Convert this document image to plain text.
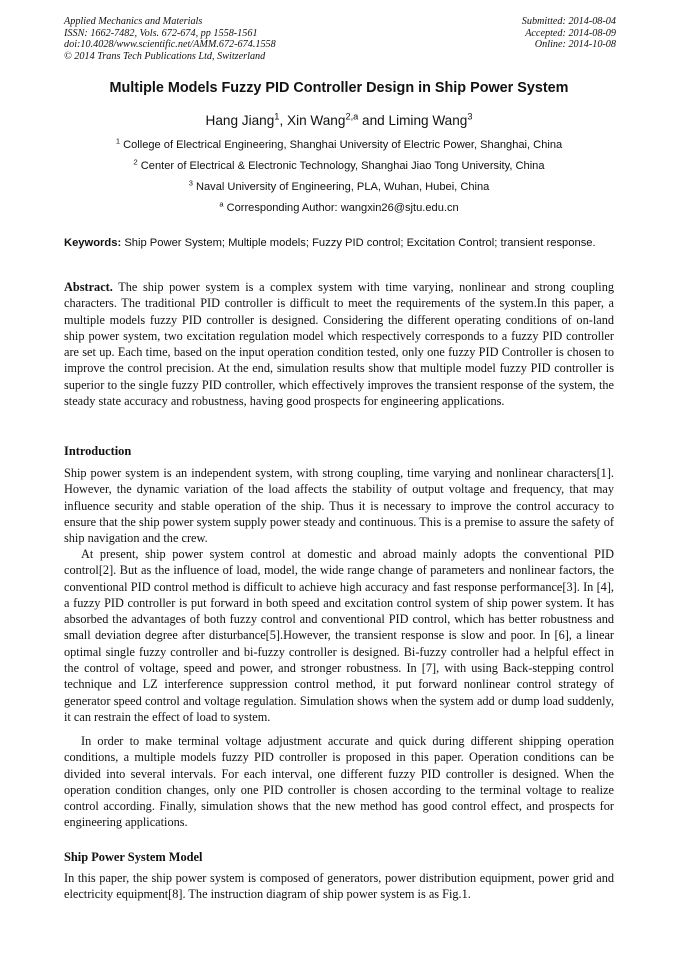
Applied Mechanics and Materials
ISSN: 1662-7482, Vols. 672-674, pp 1558-1561
doi:10.4028/www.scientific.net/AMM.672-674.1558
© 2014 Trans Tech Publications Ltd, Switzerland
Submitted: 2014-08-04
Accepted: 2014-08-09
Online: 2014-10-08
Multiple Models Fuzzy PID Controller Design in Ship Power System
Hang Jiang$^1$, Xin Wang$^{2,a}$ and Liming Wang$^3$
$^1$ College of Electrical Engineering, Shanghai University of Electric Power, Shanghai, China
$^2$ Center of Electrical & Electronic Technology, Shanghai Jiao Tong University, China
$^3$ Naval University of Engineering, PLA, Wuhan, Hubei, China
$^a$ Corresponding Author: wangxin26@sjtu.edu.cn
Keywords: Ship Power System; Multiple models; Fuzzy PID control; Excitation Control; transient response.

Abstract. The ship power system is a complex system with time varying, nonlinear and strong coupling characters. The traditional PID controller is difficult to meet the requirements of the system.In this paper, a multiple models fuzzy PID controller is designed. Considering the different operating conditions of on-land ship power system, two excitation regulation model which respectively corresponds to a fuzzy PID controller are set up. Each time, based on the input operation condition tested, only one fuzzy PID Controller is chosen to improve the control precision. At the end, simulation results show that multiple model fuzzy PID controller is superior to the single fuzzy PID controller, which effectively improves the transient response of the system, the steady state accuracy and robustness, having good prospects for engineering applications.

Introduction

Ship power system is an independent system, with strong coupling, time varying and nonlinear characters[1]. However, the dynamic variation of the load affects the stability of output voltage and frequency, that may influence security and stable operation of the ship. Thus it is necessary to improve the control accuracy to ensure that the ship power system supply power steady and continuous. This is a premise to assure the safety of ship navigation and the crew.

At present, ship power system control at domestic and abroad mainly adopts the conventional PID control[2]. But as the influence of load, model, the wide range change of parameters and nonlinear factors, the conventional PID control method is difficult to achieve high accuracy and fast response performance[3]. In [4], a fuzzy PID controller is put forward in both speed and excitation control system of ship power system. It has absorbed the advantages of both fuzzy control and conventional PID control, which has better robustness and small deviation degree after disturbance[5].However, the transient response is slow and poor. In [6], a linear optimal single fuzzy controller and bi-fuzzy controller is designed. Bi-fuzzy controller had a helpful effect in the control of voltage, speed and power, and stronger robustness. In [7], with using Back-stepping control technique and LZ interference suppression control method, it put forward nonlinear control strategy of generator speed control and voltage regulation. Simulation shows when the system add or dump load suddenly, it can restrain the effect of load to system.

In order to make terminal voltage adjustment accurate and quick during different shipping operation conditions, a multiple models fuzzy PID controller is proposed in this paper. Operation conditions can be divided into several intervals. For each interval, one different fuzzy PID controller is designed. When the operation condition changes, only one PID controller is chosen according to the terminal voltage to realize control according. Finally, simulation shows that the new method has good control effect, and prospects for engineering applications.

Ship Power System Model

In this paper, the ship power system is composed of generators, power distribution equipment, power grid and electricity equipment[8]. The instruction diagram of ship power system is as Fig.1.
